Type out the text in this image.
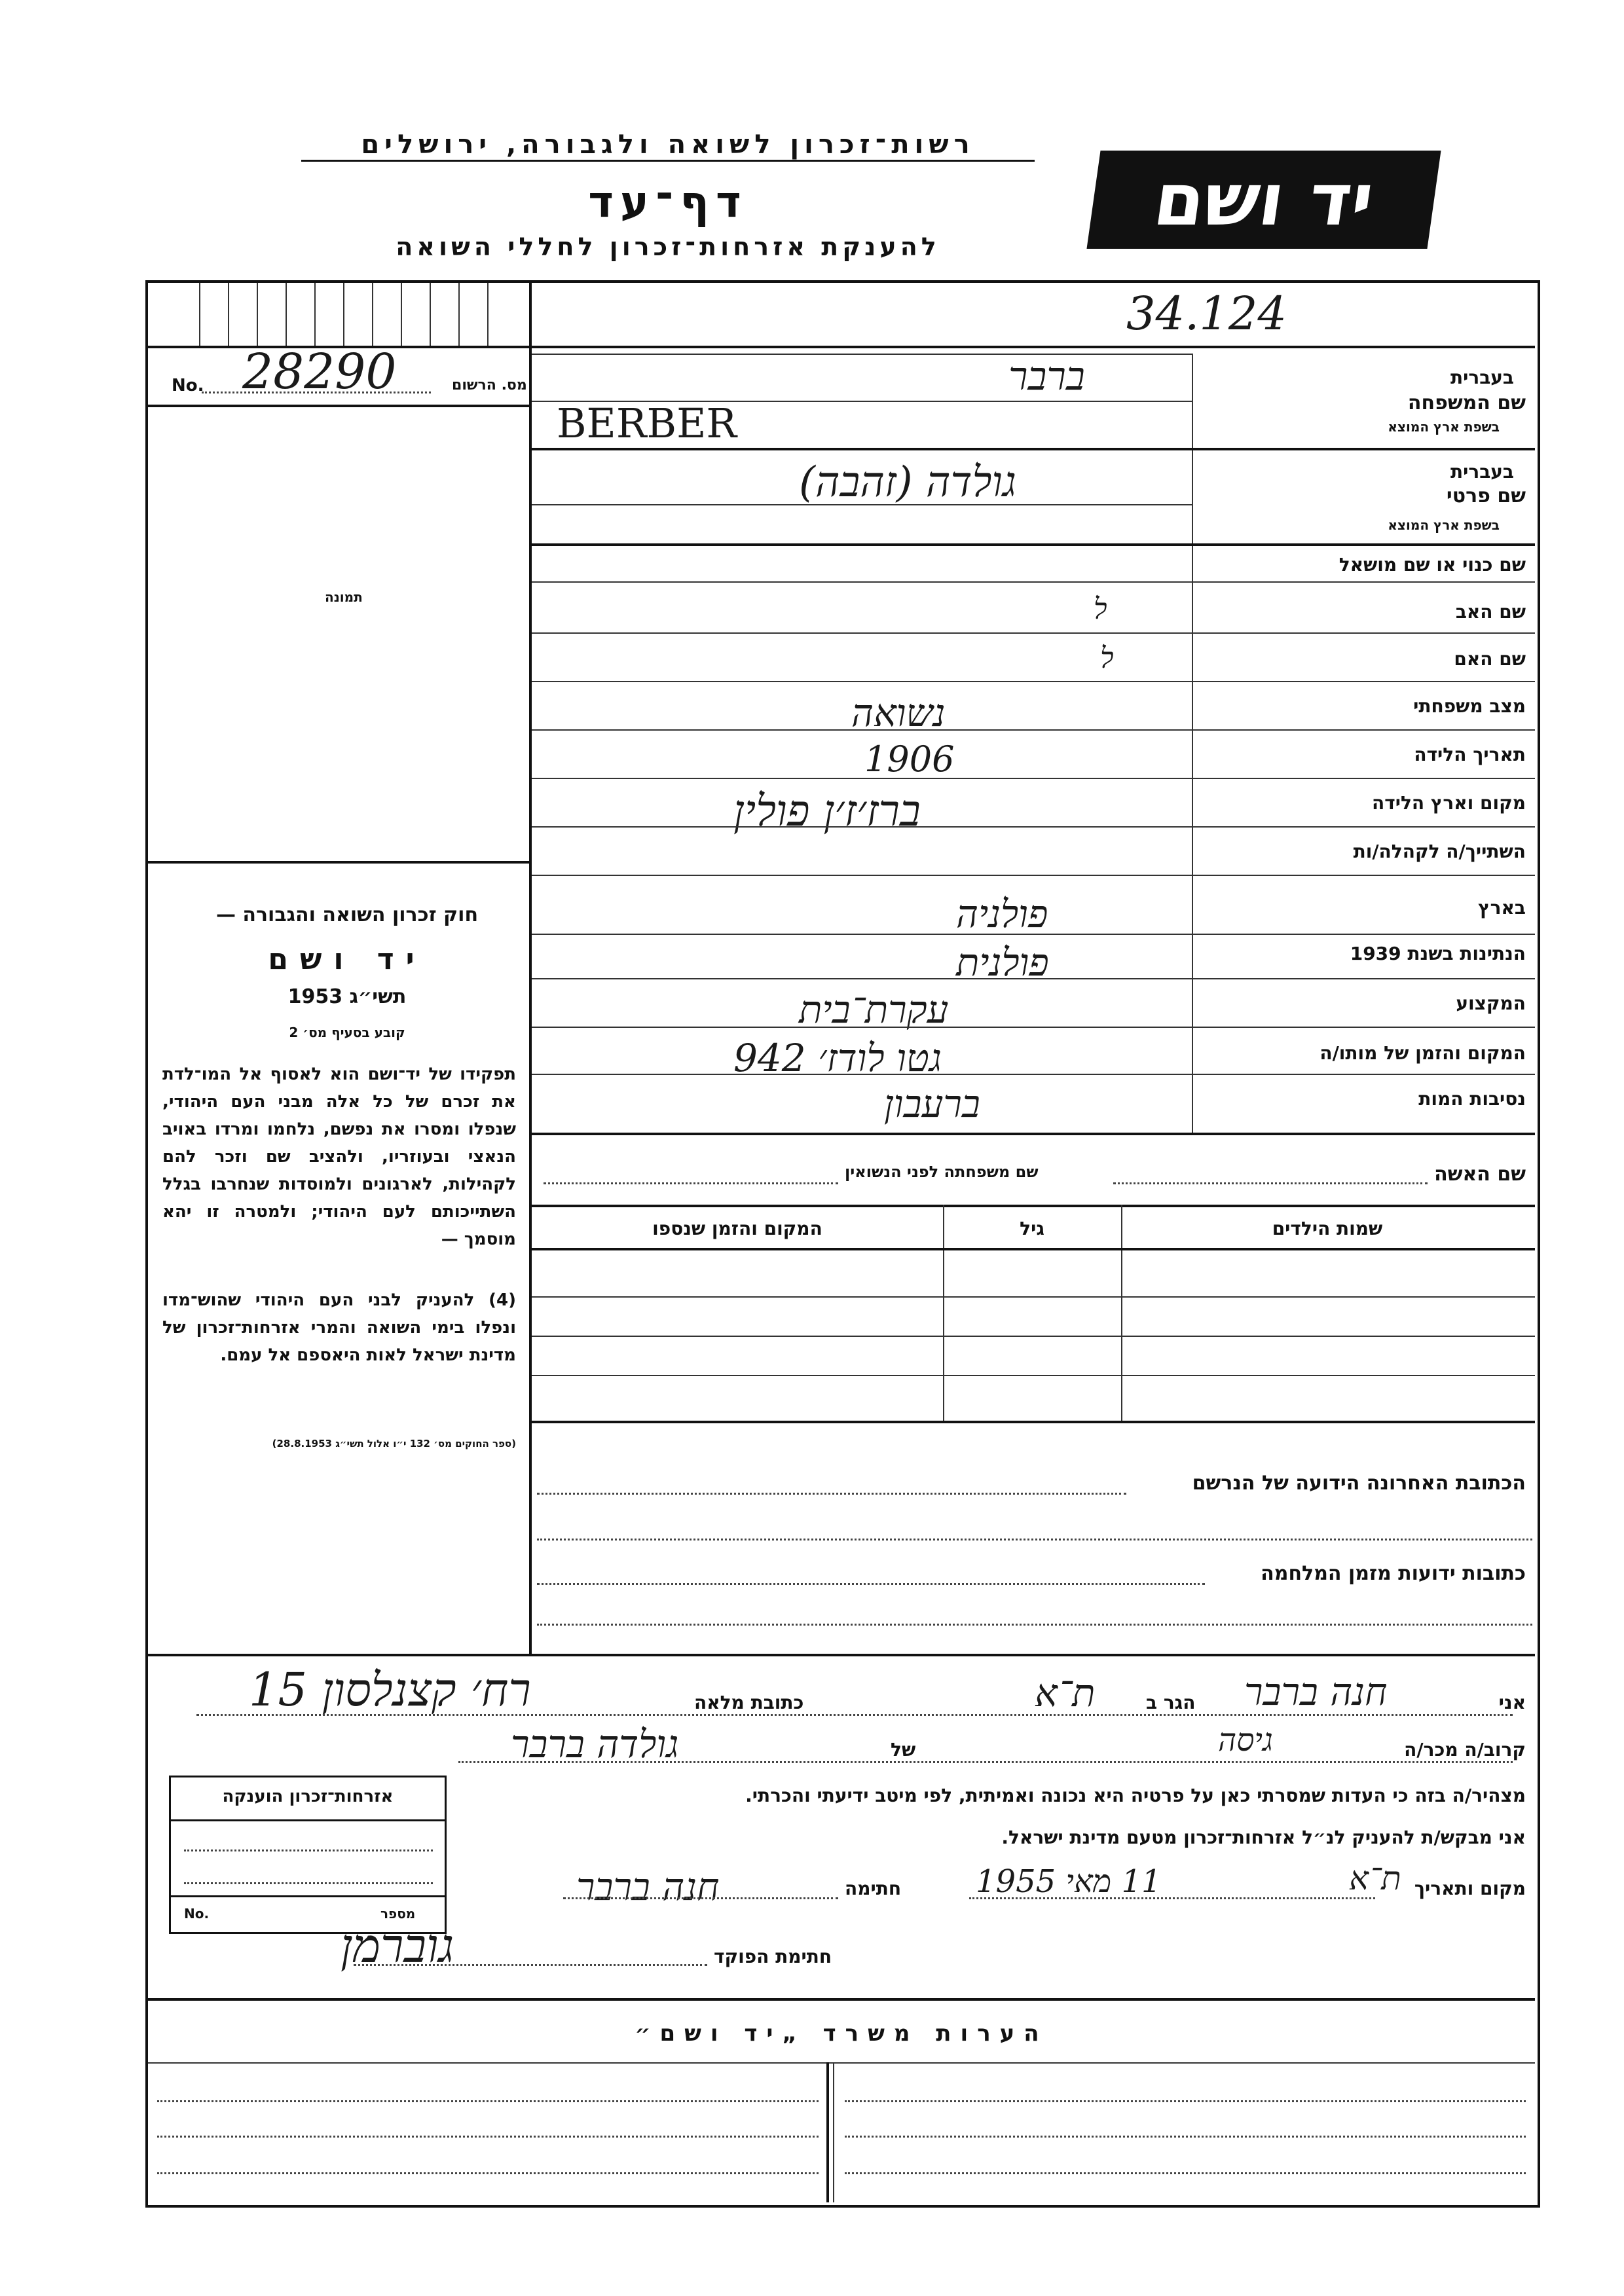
רשות־זכרון לשואה ולגבורה, ירושלים
דף־עד
להענקת אזרחות־זכרון לחללי השואה
יד ושם
34.124
No. 28290	מס. הרשום
תמונה
חוק זכרון השואה והגבורה —
יד ושם
תשי״ג 1953
קובע בסעיף מס׳ 2
תפקידו של יד־ושם הוא לאסוף אל המו־לדת את זכרם של כל אלה מבני העם היהודי, שנפלו ומסרו את נפשם, נלחמו ומרדו באויב הנאצי ובעוזריו, ולהציב שם וזכר להם לקהילות, לארגונים ולמוסדות שנחרבו בגלל השתייכותם לעם היהודי; ולמטרה זו יהא מוסמך —
(4) להעניק לבני העם היהודי שהוש־מדו ונפלו בימי השואה והמרי אזרחות־זכרון של מדינת ישראל לאות היאספם אל עמם.
(ספר החוקים מס׳ 132 י״ו אלול תשי״ג 28.8.1953)
בעברית
שם המשפחה
בשפת ארץ המוצא
ברבר
BERBER
בעברית
שם פרטי
בשפת ארץ המוצא
גולדה (זהבה)
שם כנוי או שם מושאל
שם האב
ל
שם האם
ל
מצב משפחתי
נשואה
תאריך הלידה
1906
מקום וארץ הלידה
ברז׳ז׳ן פולין
השתייך/ה לקהלה/ות
בארץ
פולניה
הנתינות בשנת 1939
פולנית
המקצוע
עקרת־בית
המקום והזמן של מותו/ה
גטו לודז׳ 942
נסיבות המות
ברעבון
שם האשה
שם משפחתה לפני הנשואין
שמות הילדים
גיל
המקום והזמן שנספו
הכתובת האחרונה הידועה של הנרשם
כתובות ידועות מזמן המלחמה
אני
חנה ברבר
הגר ב
ת־א
כתובת מלאה
רח׳ קצנלסון 15
קרוב/ה מכר/ה
גיסה
של
גולדה ברבר
מצהיר/ה בזה כי העדות שמסרתי כאן על פרטיה היא נכונה ואמיתית, לפי מיטב ידיעתי והכרתי.
אני מבקש/ת להעניק לנ״ל אזרחות־זכרון מטעם מדינת ישראל.
מקום ותאריך
ת־א
11 מאי 1955
חתימה
חנה ברבר
חתימת הפוקד
גוברמן
אזרחות־זכרון הוענקה
No.	מספר
הערות משרד „יד ושם״
